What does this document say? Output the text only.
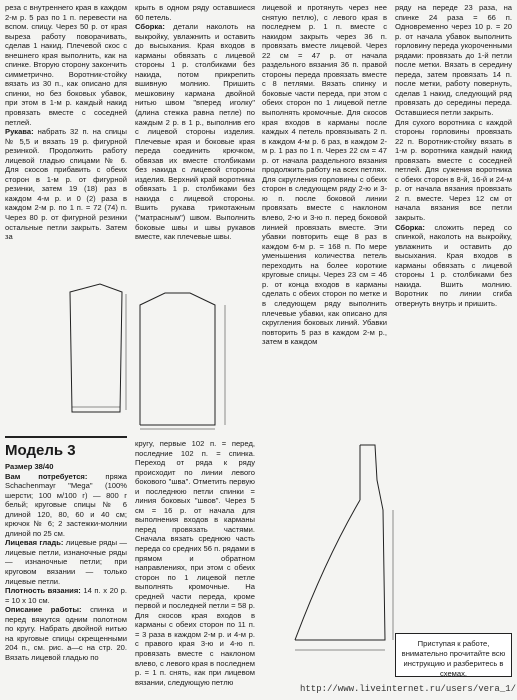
реза с внутреннего края в каждом 2-м р. 5 раз по 1 п. перевести на вспом. спицу. Через 50 р. от края выреза работу поворачивать, сделав 1 накид. Плечевой скос с внешнего края выполнить, как на спинке. Вторую сторону закончить симметрично. Воротник-стойку вязать из 30 п., как описано для спинки, но без боковых убавок, при этом в 1-м р. каждый накид провязать вместе с соседней петлей.

Рукава: набрать 32 п. на спицы № 5,5 и вязать 19 р. фигурной резинкой. Продолжить работу лицевой гладью спицами № 6. Для скосов прибавить с обеих сторон в 1-м р. от фигурной резинки, затем 19 (18) раз в каждом 4-м р. и 0 (2) раза в каждом 2-м р. по 1 п. = 72 (74) п. Через 80 р. от фигурной резинки остальные петли закрыть. Затем за

крыть в одном ряду оставшиеся 60 петель.

Сборка: детали наколоть на выкройку, увлажнить и оставить до высыхания. Края входов в карманы обвязать с лицевой стороны 1 р. столбиками без накида, потом прикрепить вшивную молнию. Пришить мешковину кармана двойной нитью швом "вперед иголку" (длина стежка равна петле) по каждым 2 р. в 1 р., выполнив его с лицевой стороны изделия. Плечевые края и боковые края переда соединить крючком, обвязав их вместе столбиками без накида с лицевой стороны изделия. Верхний край воротника обвязать 1 р. столбиками без накида с лицевой стороны. Вшить рукава трикотажным ("матрасным") швом. Выполнить боковые швы и швы рукавов вместе, как плечевые швы.

лицевой и протянуть через нее снятую петлю), с левого края в последнем р. 1 п. вместе с накидом закрыть через 36 п. провязать вместе лицевой. Через 22 см = 47 р. от начала раздельного вязания 36 п. правой стороны переда провязать вместе с 8 петлями. Вязать спинку и боковые части переда, при этом с обеих сторон по 1 лицевой петле выполнять кромочные. Для скосов края входов в карманы после каждых 4 петель провязывать 2 п. в каждом 4-м р. 6 раз, в каждом 2-м р. 1 раз по 1 п. Через 22 см = 47 р. от начала раздельного вязания продолжить работу на всех петлях.

Для скругления горловины с обеих сторон в следующем ряду 2-ю и 3-ю п. после боковой линии провязать вместе с наклоном влево, 2-ю и 3-ю п. перед боковой линией провязать вместе. Эти убавки повторить еще 8 раз в каждом 6-м р. = 168 п. По мере уменьшения количества петель переходить на более короткие круговые спицы. Через 23 см = 46 р. от конца входов в карманы сделать с обеих сторон по метке и в следующем ряду выполнить плечевые убавки, как описано для скругления боковых линий. Убавки повторить 5 раз в каждом 2-м р., затем в каждом

ряду на переде 23 раза, на спинке 24 раза = 66 п. Одновременно через 10 р. = 20 р. от начала убавок выполнить горловину переда укороченными рядами: провязать до 1-й петли после метки. Вязать в середину переда, затем провязать 14 п. после метки, работу повернуть, сделав 1 накид, следующий ряд провязать до середины переда. Оставшиеся петли закрыть.

Для сухого воротника с каждой стороны горловины провязать 22 п. Воротник-стойку вязать в 1-м р. воротника каждый накид провязать вместе с соседней петлей. Для сужения воротника с обеих сторон в 8-й, 16-й и 24-м р. от начала вязания провязать 2 п. вместе. Через 12 см от начала вязания все петли закрыть.

Сборка: сложить перед со спинкой, наколоть на выкройку, увлажнить и оставить до высыхания. Края входов в карманы обвязать с лицевой стороны 1 р. столбиками без накида. Вшить молнию. Воротник по линии сгиба отвернуть внутрь и пришить.

Модель 3

Размер 38/40

Вам потребуется: пряжа Schachenmayr "Mega" (100% шерсти; 100 м/100 г) — 800 г бельй; круговые спицы № 6 длиной 120, 80, 60 и 40 см; крючок № 6; 2 застежки-молнии длиной по 25 см.

Лицевая гладь: лицевые ряды — лицевые петли, изнаночные ряды — изнаночные петли; при круговом вязании — только лицевые петли.

Плотность вязания: 14 п. x 20 р. = 10 x 10 см.

Описание работы: спинка и перед вяжутся одним полотном по кругу. Набрать двойной нитью на круговые спицы скрещенными 204 п., см. рис. а—с на стр. 20. Вязать лицевой гладью по

кругу, первые 102 п. = перед, последние 102 п. = спинка. Переход от ряда к ряду происходит по линии левого бокового "шва". Отметить первую и последнюю петли спинки = линия боковых "швов". Через 5 см = 16 р. от начала для выполнения входов в карманы перед провязать частями. Сначала вязать среднюю часть переда со средних 56 п. рядами в прямом и обратном направлениях, при этом с обеих сторон по 1 лицевой петле выполнять кромочные. На средней части переда, кроме первой и последней петли = 58 р. Для скосов края входов в карманы с обеих сторон по 11 п. = 3 раза в каждом 2-м р. и 4-м р. с правого края 3-ю и 4-ю п. провязать вместе с наклоном влево, с левого края в последнем р. = 1 п. снять, как при лицевом вязании, следующую петлю

Приступая к работе, внимательно прочитайте всю инструкцию и разберитесь в схемах.
http://www.liveinternet.ru/users/vera_1/
